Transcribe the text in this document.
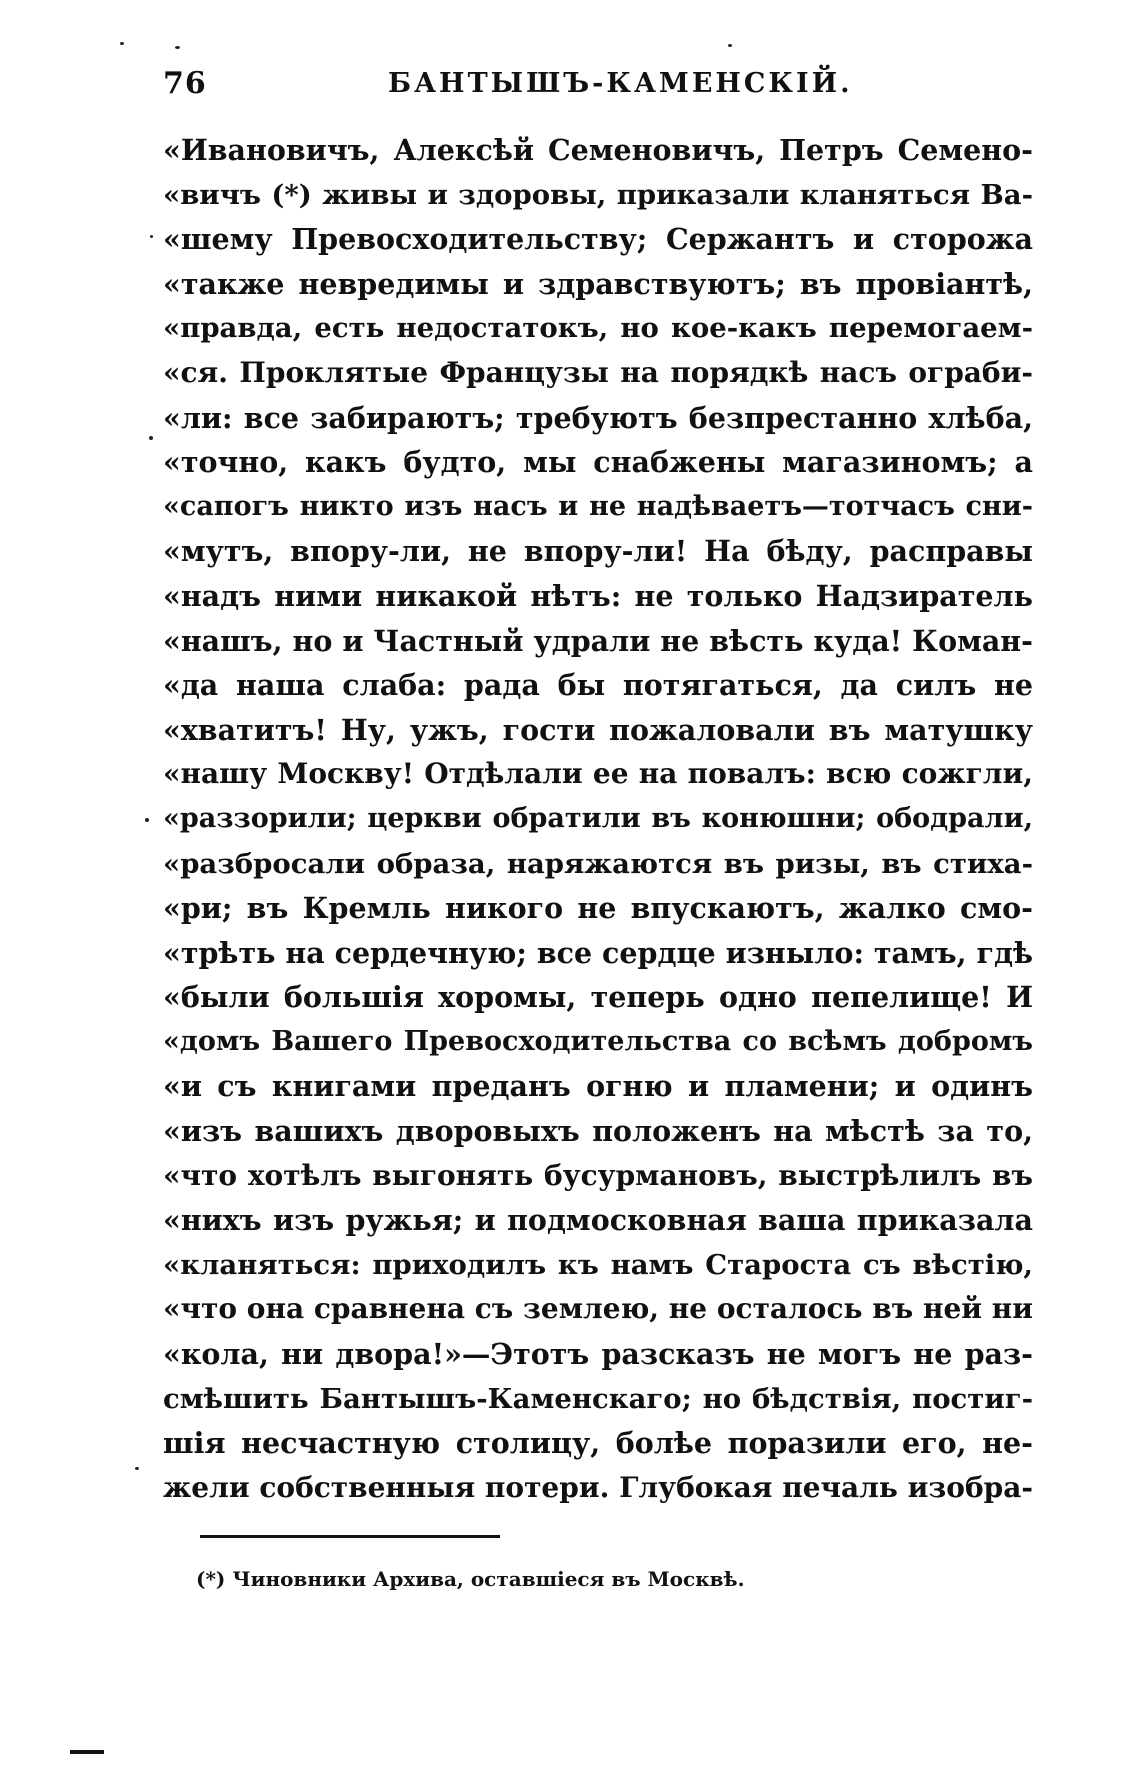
76	БАНТЫШЪ-КАМЕНСКІЙ.
«Ивановичъ, Алексѣй Семеновичъ, Петръ Семено-
«вичъ (*) живы и здоровы, приказали кланяться Ва-
«шему Превосходительству; Сержантъ и сторожа
«также невредимы и здравствуютъ; въ провіантѣ,
«правда, есть недостатокъ, но кое-какъ перемогаем-
«ся. Проклятые Французы на порядкѣ насъ ограби-
«ли: все забираютъ; требуютъ безпрестанно хлѣба,
«точно, какъ будто, мы снабжены магазиномъ; а
«сапогъ никто изъ насъ и не надѣваетъ—тотчасъ сни-
«мутъ, впору-ли, не впору-ли! На бѣду, расправы
«надъ ними никакой нѣтъ: не только Надзиратель
«нашъ, но и Частный удрали не вѣсть куда! Коман-
«да наша слаба: рада бы потягаться, да силъ не
«хватитъ! Ну, ужъ, гости пожаловали въ матушку
«нашу Москву! Отдѣлали ее на повалъ: всю сожгли,
«раззорили; церкви обратили въ конюшни; ободрали,
«разбросали образа, наряжаются въ ризы, въ стиха-
«ри; въ Кремль никого не впускаютъ, жалко смо-
«трѣть на сердечную; все сердце изныло: тамъ, гдѣ
«были большія хоромы, теперь одно пепелище! И
«домъ Вашего Превосходительства со всѣмъ добромъ
«и съ книгами преданъ огню и пламени; и одинъ
«изъ вашихъ дворовыхъ положенъ на мѣстѣ за то,
«что хотѣлъ выгонять бусурмановъ, выстрѣлилъ въ
«нихъ изъ ружья; и подмосковная ваша приказала
«кланяться: приходилъ къ намъ Староста съ вѣстію,
«что она сравнена съ землею, не осталось въ ней ни
«кола, ни двора!»—Этотъ разсказъ не могъ не раз-
смѣшить Бантышъ-Каменскаго; но бѣдствія, постиг-
шія несчастную столицу, болѣе поразили его, не-
жели собственныя потери. Глубокая печаль изобра-
(*) Чиновники Архива, оставшіеся въ Москвѣ.
